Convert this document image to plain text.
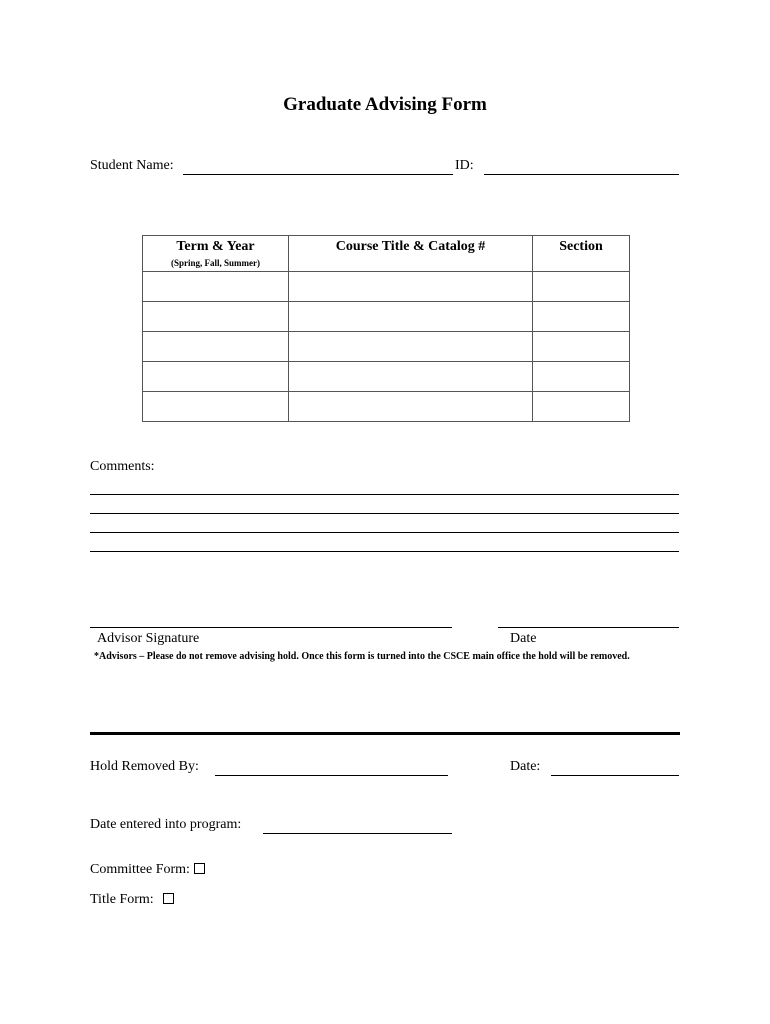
Graduate Advising Form
Student Name:	ID:
Term & Year
(Spring, Fall, Summer)	Course Title & Catalog #	Section

Comments:
Advisor Signature	Date
*Advisors – Please do not remove advising hold. Once this form is turned into the CSCE main office the hold will be removed.
Hold Removed By:	Date:
Date entered into program:
Committee Form:
Title Form:
